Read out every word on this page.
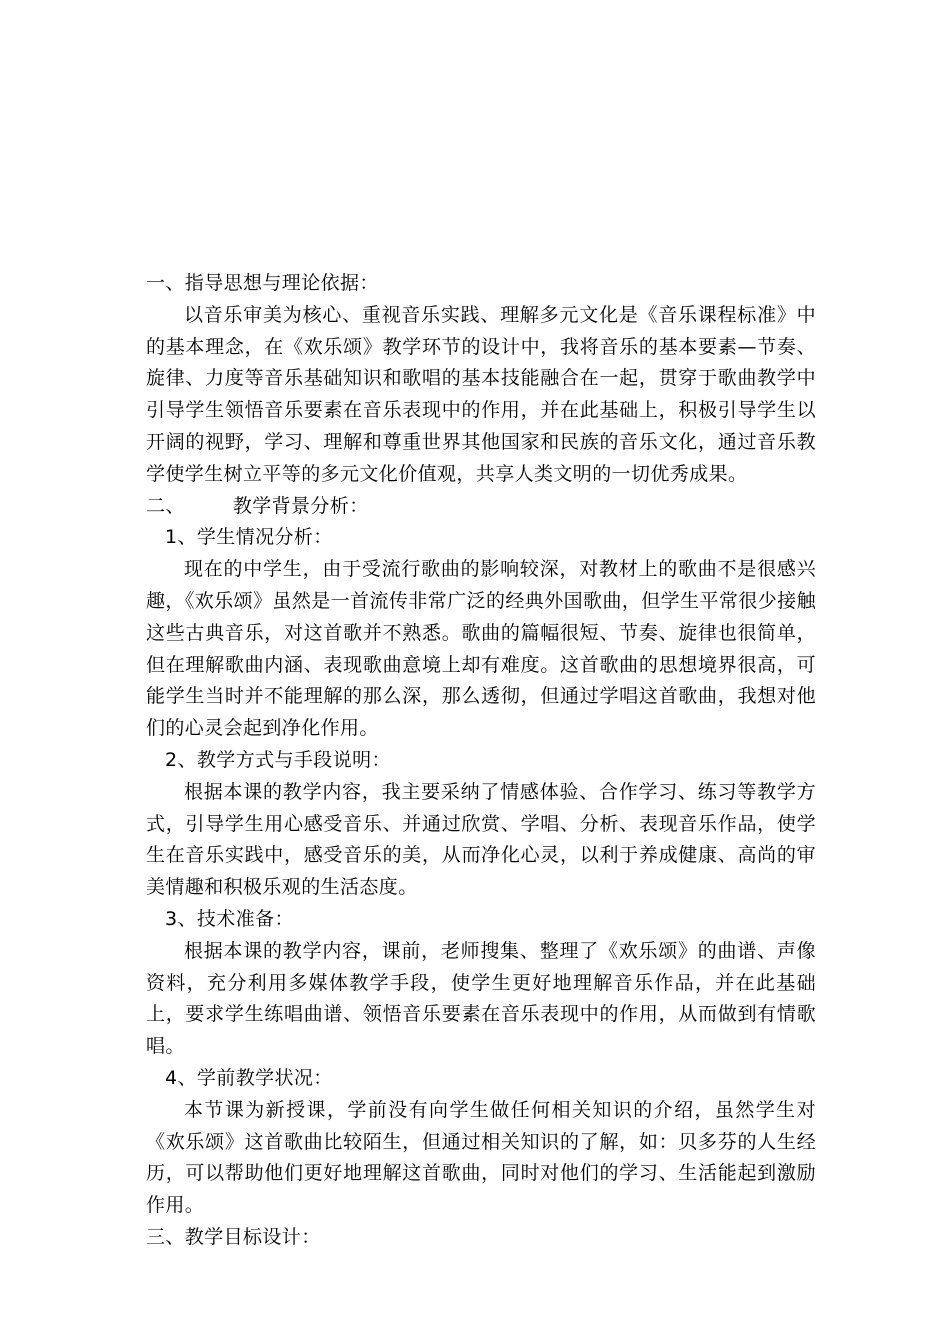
一、指导思想与理论依据：
以音乐审美为核心、重视音乐实践、理解多元文化是《音乐课程标准》中的基本理念，在《欢乐颂》教学环节的设计中，我将音乐的基本要素—节奏、旋律、力度等音乐基础知识和歌唱的基本技能融合在一起，贯穿于歌曲教学中引导学生领悟音乐要素在音乐表现中的作用，并在此基础上，积极引导学生以开阔的视野，学习、理解和尊重世界其他国家和民族的音乐文化，通过音乐教学使学生树立平等的多元文化价值观，共享人类文明的一切优秀成果。
二、	教学背景分析：
1、学生情况分析：
现在的中学生，由于受流行歌曲的影响较深，对教材上的歌曲不是很感兴趣，《欢乐颂》虽然是一首流传非常广泛的经典外国歌曲，但学生平常很少接触这些古典音乐，对这首歌并不熟悉。歌曲的篇幅很短、节奏、旋律也很简单，但在理解歌曲内涵、表现歌曲意境上却有难度。这首歌曲的思想境界很高，可能学生当时并不能理解的那么深，那么透彻，但通过学唱这首歌曲，我想对他们的心灵会起到净化作用。
2、教学方式与手段说明：
根据本课的教学内容，我主要采纳了情感体验、合作学习、练习等教学方式，引导学生用心感受音乐、并通过欣赏、学唱、分析、表现音乐作品，使学生在音乐实践中，感受音乐的美，从而净化心灵，以利于养成健康、高尚的审美情趣和积极乐观的生活态度。
3、技术准备：
根据本课的教学内容，课前，老师搜集、整理了《欢乐颂》的曲谱、声像资料，充分利用多媒体教学手段，使学生更好地理解音乐作品，并在此基础上，要求学生练唱曲谱、领悟音乐要素在音乐表现中的作用，从而做到有情歌唱。
4、学前教学状况：
本节课为新授课，学前没有向学生做任何相关知识的介绍，虽然学生对《欢乐颂》这首歌曲比较陌生，但通过相关知识的了解，如：贝多芬的人生经历，可以帮助他们更好地理解这首歌曲，同时对他们的学习、生活能起到激励作用。
三、教学目标设计：
